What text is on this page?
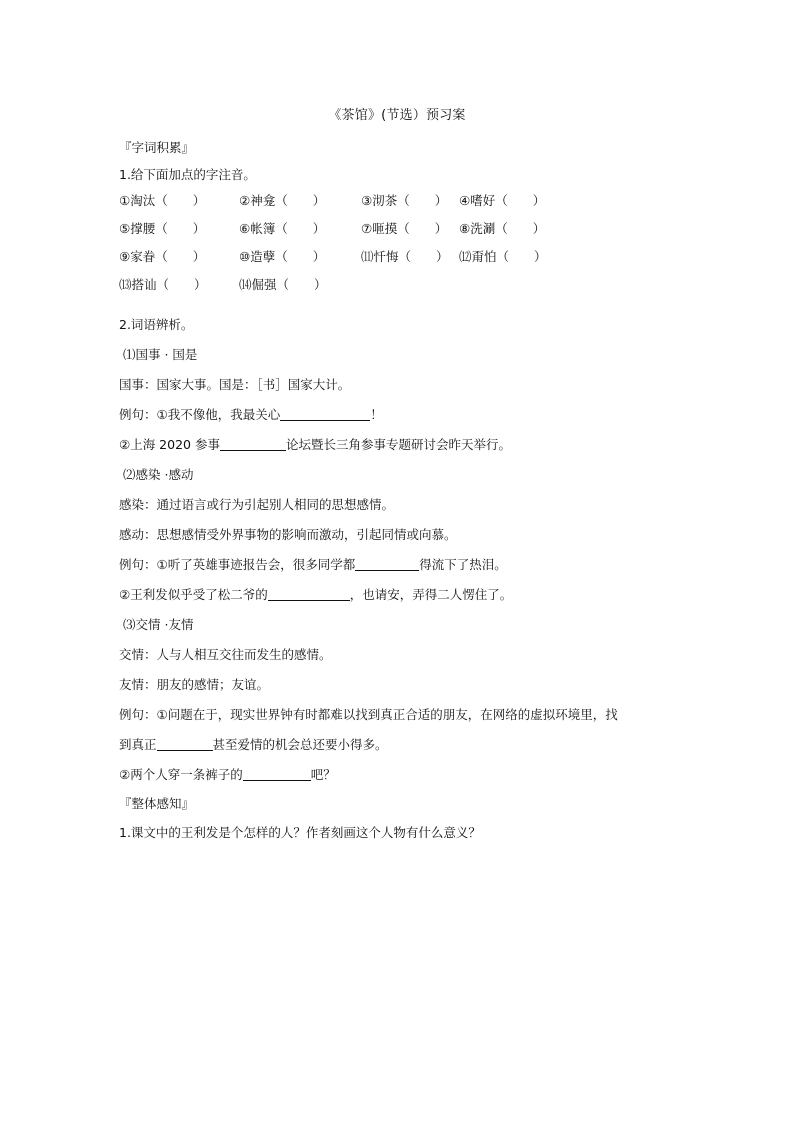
《茶馆》(节选）预习案
『字词积累』
1.给下面加点的字注音。
①淘汰（　　）	②神龛（　　）	③沏茶（　　） ④嗜好（　　）
⑤撑腰（　　）	⑥帐簿（　　）	⑦咂摸（　　） ⑧洗涮（　　）
⑨家眷（　　）	⑩造孽（　　）	⑾忏悔（　　） ⑿甭怕（　　）
⒀搭讪（　　）	⒁倔强（　　）
2.词语辨析。
⑴国事 · 国是
国事：国家大事。国是：［书］国家大计。
例句：①我不像他，我最关心	！
②上海 2020 参事	论坛暨长三角参事专题研讨会昨天举行。
⑵感染 ·感动
感染：通过语言或行为引起别人相同的思想感情。
感动：思想感情受外界事物的影响而激动，引起同情或向慕。
例句：①听了英雄事迹报告会，很多同学都	得流下了热泪。
②王利发似乎受了松二爷的	，也请安，弄得二人愣住了。
⑶交情 ·友情
交情：人与人相互交往而发生的感情。
友情：朋友的感情；友谊。
例句：①问题在于，现实世界钟有时都难以找到真正合适的朋友，在网络的虚拟环境里，找
到真正	甚至爱情的机会总还要小得多。
②两个人穿一条裤子的	吧？
『整体感知』
1.课文中的王利发是个怎样的人？作者刻画这个人物有什么意义？
